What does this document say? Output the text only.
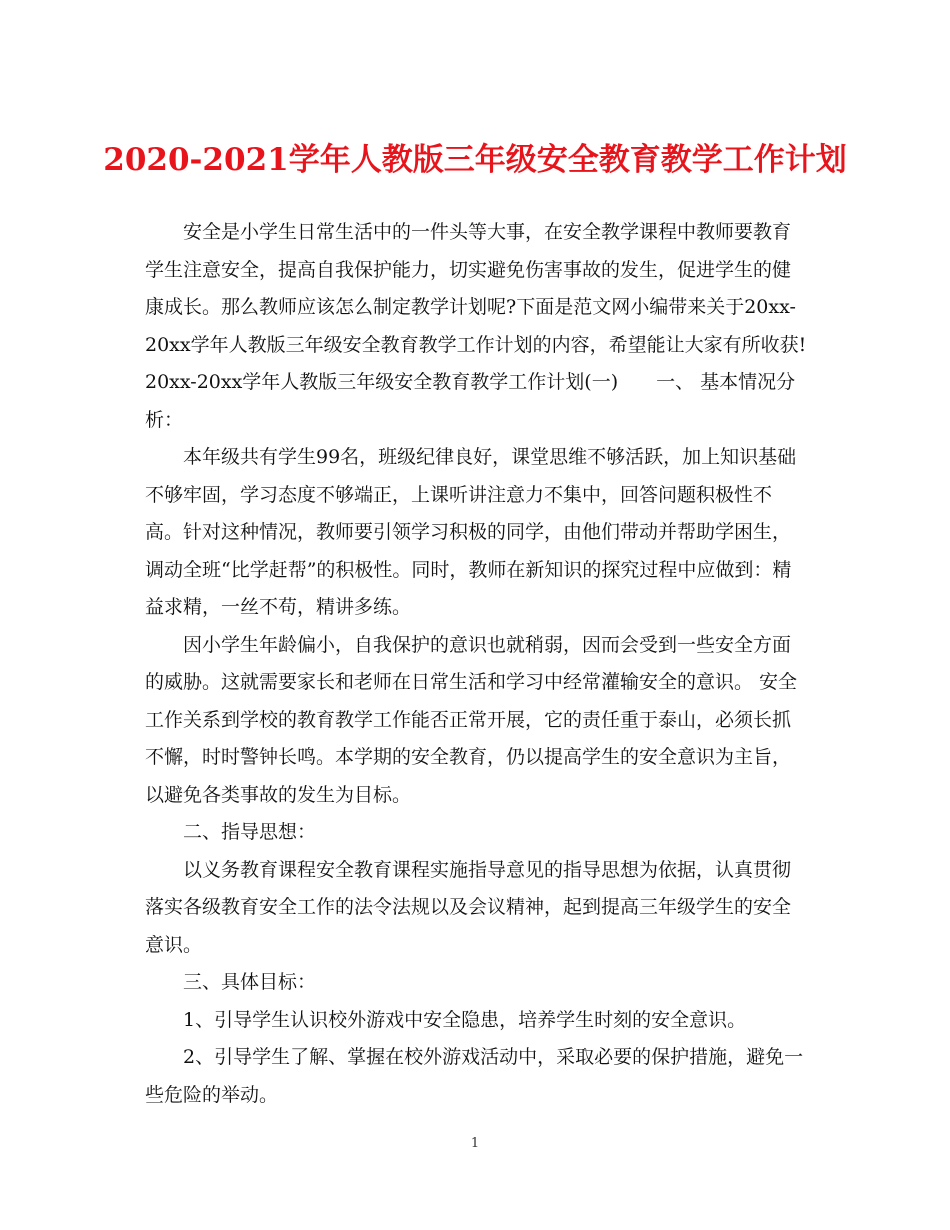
2020-2021学年人教版三年级安全教育教学工作计划

安全是小学生日常生活中的一件头等大事，在安全教学课程中教师要教育学生注意安全，提高自我保护能力，切实避免伤害事故的发生，促进学生的健康成长。那么教师应该怎么制定教学计划呢?下面是范文网小编带来关于20xx-20xx学年人教版三年级安全教育教学工作计划的内容，希望能让大家有所收获!

20xx-20xx学年人教版三年级安全教育教学工作计划(一)　　一、 基本情况分析：

本年级共有学生99名，班级纪律良好，课堂思维不够活跃，加上知识基础不够牢固，学习态度不够端正，上课听讲注意力不集中，回答问题积极性不高。针对这种情况，教师要引领学习积极的同学，由他们带动并帮助学困生，调动全班“比学赶帮”的积极性。同时，教师在新知识的探究过程中应做到：精益求精，一丝不苟，精讲多练。

因小学生年龄偏小，自我保护的意识也就稍弱，因而会受到一些安全方面的威胁。这就需要家长和老师在日常生活和学习中经常灌输安全的意识。 安全工作关系到学校的教育教学工作能否正常开展，它的责任重于泰山，必须长抓不懈，时时警钟长鸣。本学期的安全教育，仍以提高学生的安全意识为主旨，以避免各类事故的发生为目标。

二、指导思想：

以义务教育课程安全教育课程实施指导意见的指导思想为依据，认真贯彻落实各级教育安全工作的法令法规以及会议精神，起到提高三年级学生的安全意识。

三、具体目标：

1、引导学生认识校外游戏中安全隐患，培养学生时刻的安全意识。

2、引导学生了解、掌握在校外游戏活动中，采取必要的保护措施，避免一些危险的举动。

1
